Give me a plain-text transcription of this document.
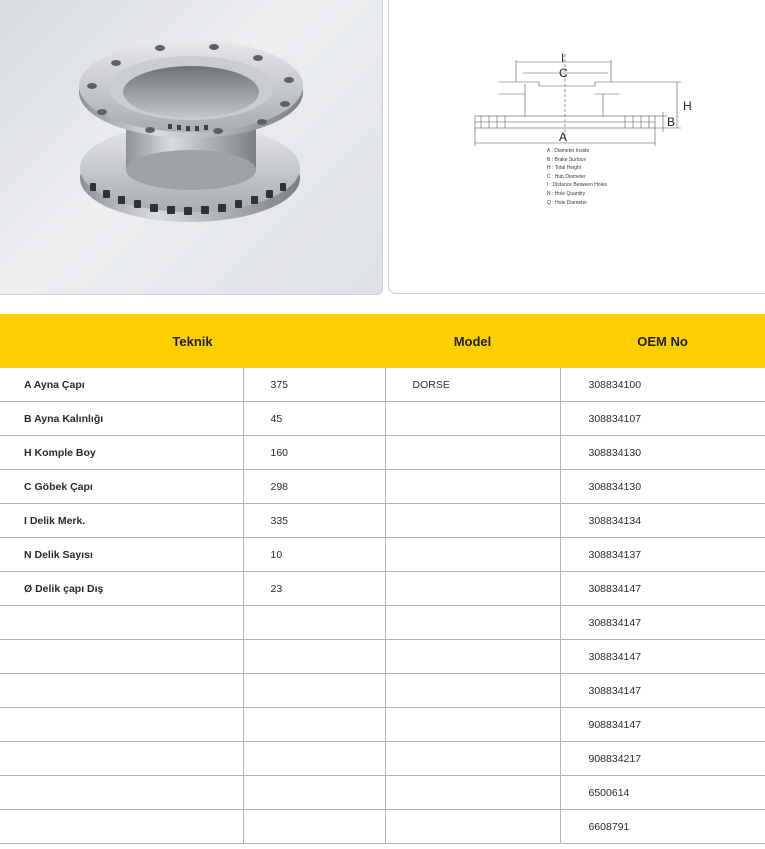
I
C
H
B
A
A : Diameter Inside
B : Brake Surface
H : Total Height
C : Hub Diameter
I : Distance Between Holes
N : Hole Quantity
Q : Hole Diameter
Teknik		Model	OEM No
A Ayna Çapı	375	DORSE	308834100
B Ayna Kalınlığı	45		308834107
H Komple Boy	160		308834130
C Göbek Çapı	298		308834130
I Delik Merk.	335		308834134
N Delik Sayısı	10		308834137
Ø Delik çapı Dış	23		308834147
			308834147
			308834147
			308834147
			908834147
			908834217
			6500614
			6608791
